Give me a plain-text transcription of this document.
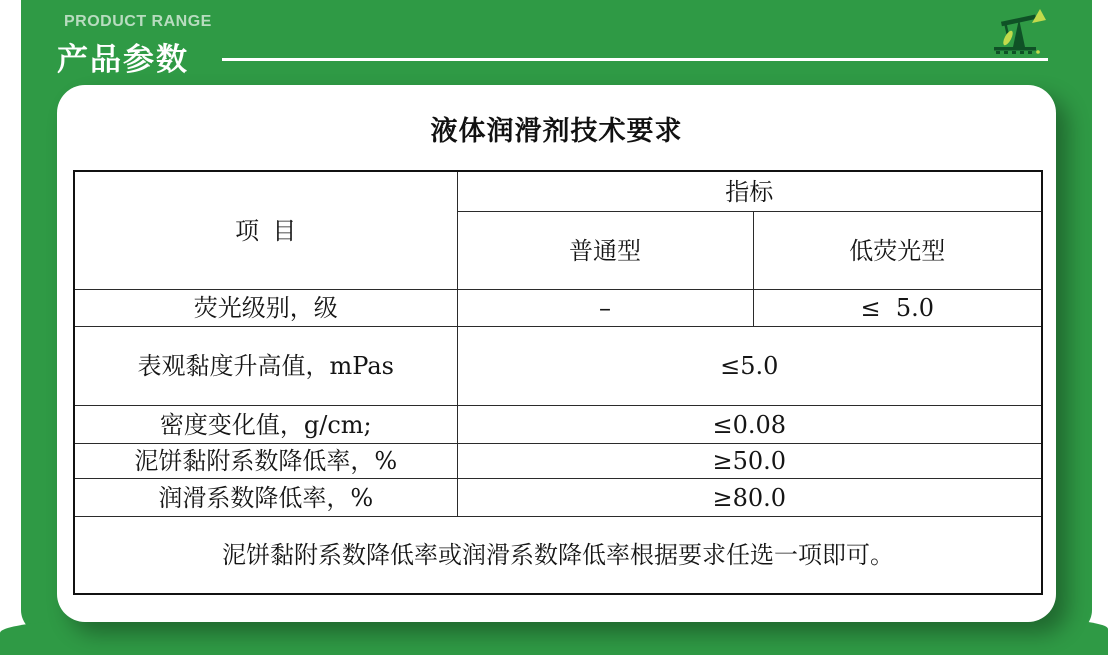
PRODUCT RANGE
产品参数
液体润滑剂技术要求
项目	指标	
	普通型	低荧光型
荧光级别，级	–	≤  5.0
表观黏度升高值，mPas	≤5.0	
密度变化值，g/cm;	≤0.08	
泥饼黏附系数降低率，%	≥50.0	
润滑系数降低率，%	≥80.0	
泥饼黏附系数降低率或润滑系数降低率根据要求任选一项即可。		
